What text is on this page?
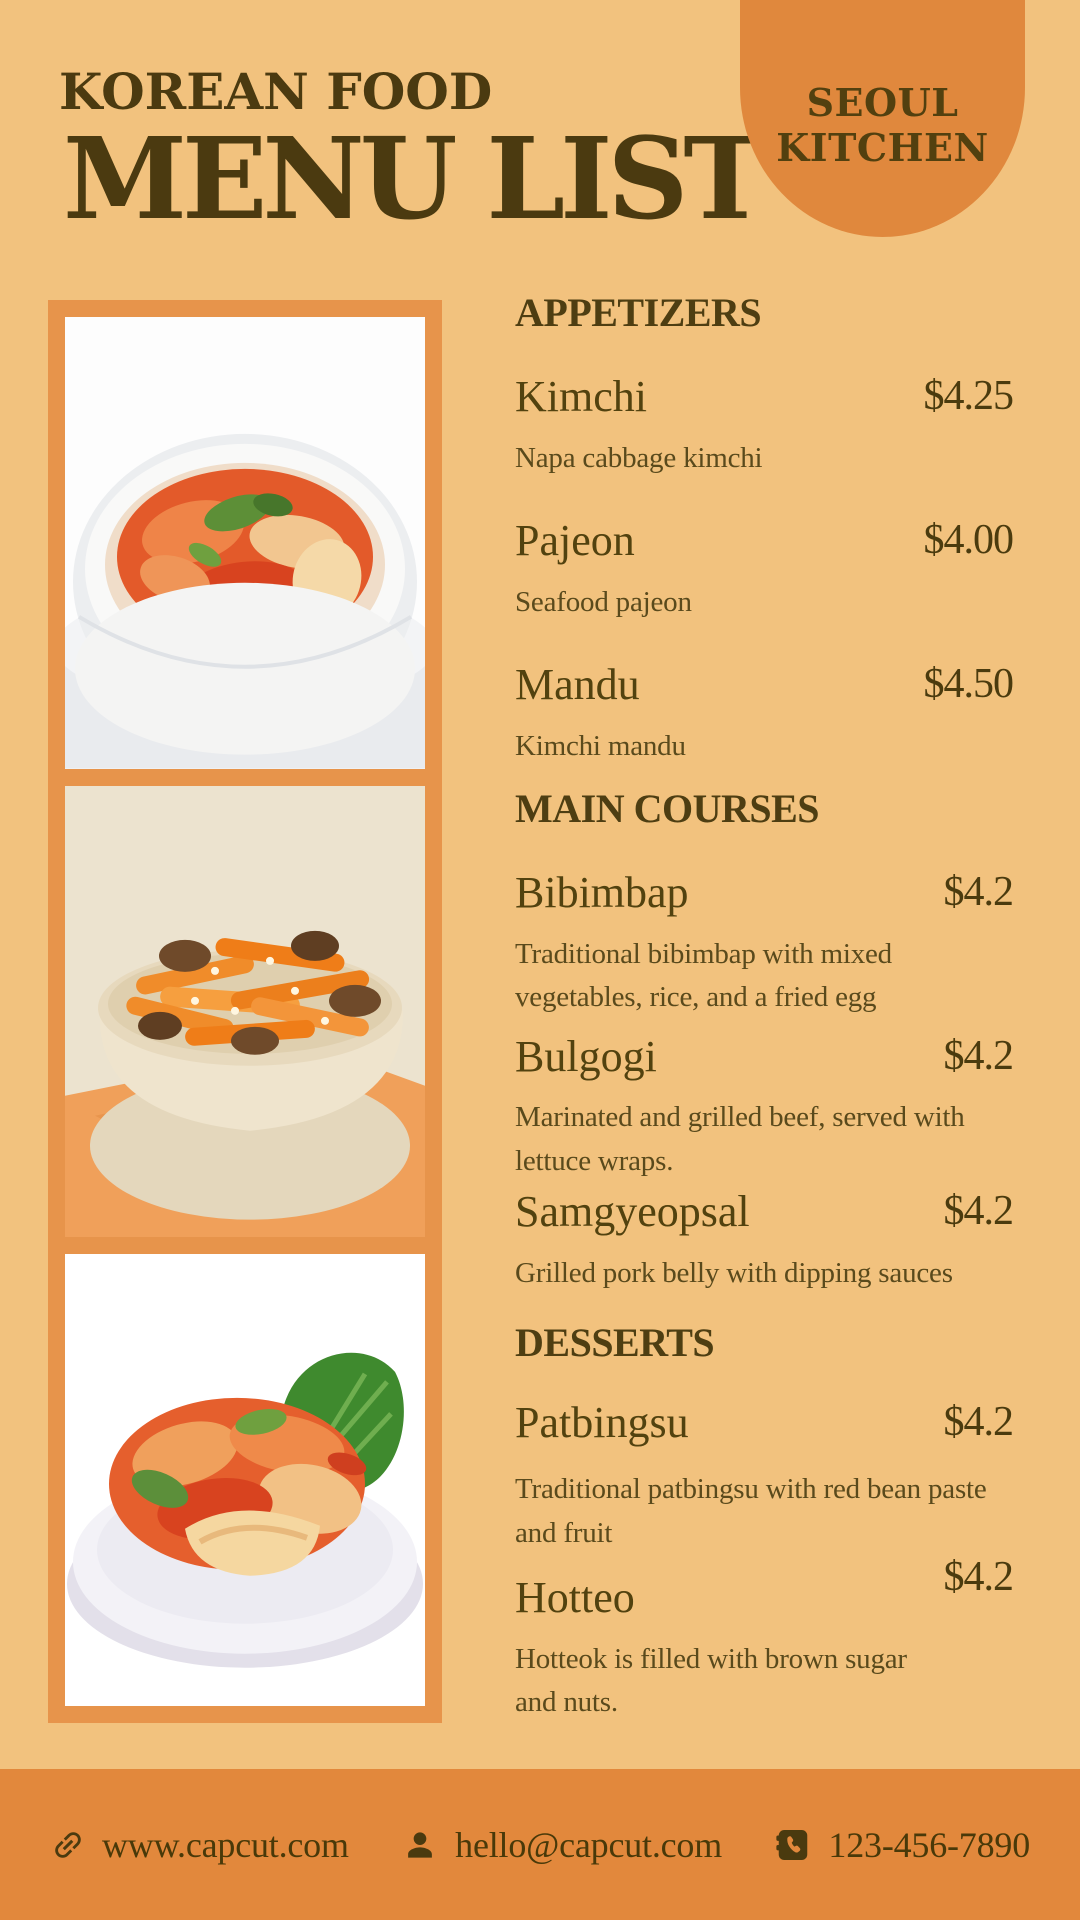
KOREAN FOOD
MENU LIST
SEOUL
KITCHEN
APPETIZERS
Kimchi	$4.25
Napa cabbage kimchi
Pajeon	$4.00
Seafood pajeon
Mandu	$4.50
Kimchi mandu
MAIN COURSES
Bibimbap	$4.2
Traditional bibimbap with mixed
vegetables, rice, and a fried egg
Bulgogi	$4.2
Marinated and grilled beef, served with
lettuce wraps.
Samgyeopsal	$4.2
Grilled pork belly with dipping sauces
DESSERTS
Patbingsu	$4.2
Traditional patbingsu with red bean paste
and fruit
Hotteo	$4.2
Hotteok is filled with brown sugar
and nuts.
www.capcut.com	hello@capcut.com	123-456-7890
